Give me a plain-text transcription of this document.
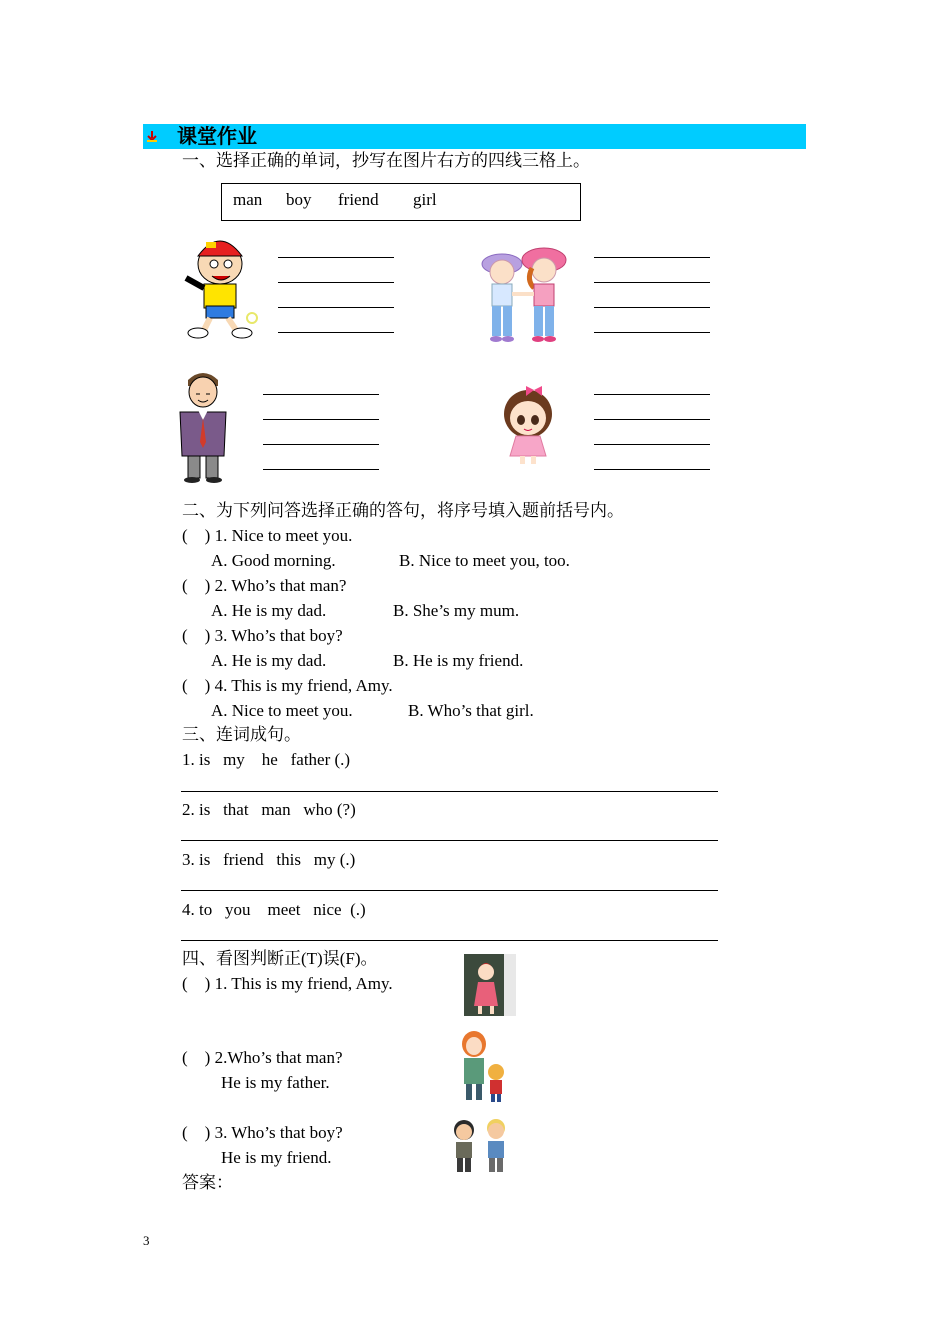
课堂作业
一、选择正确的单词，抄写在图片右方的四线三格上。
man boy friend girl
二、为下列问答选择正确的答句，将序号填入题前括号内。
(    ) 1. Nice to meet you.
A. Good morning.	B. Nice to meet you, too.
(    ) 2. Who’s that man?
A. He is my dad.	B. She’s my mum.
(    ) 3. Who’s that boy?
A. He is my dad.	B. He is my friend.
(    ) 4. This is my friend, Amy.
A. Nice to meet you.	B. Who’s that girl.
三、连词成句。
1. is   my    he   father (.)
2. is   that   man   who (?)
3. is   friend   this   my (.)
4. to   you    meet   nice  (.)
四、看图判断正(T)误(F)。
(    ) 1. This is my friend, Amy.
(    ) 2.Who’s that man?
He is my father.
(    ) 3. Who’s that boy?
He is my friend.
答案：
3
